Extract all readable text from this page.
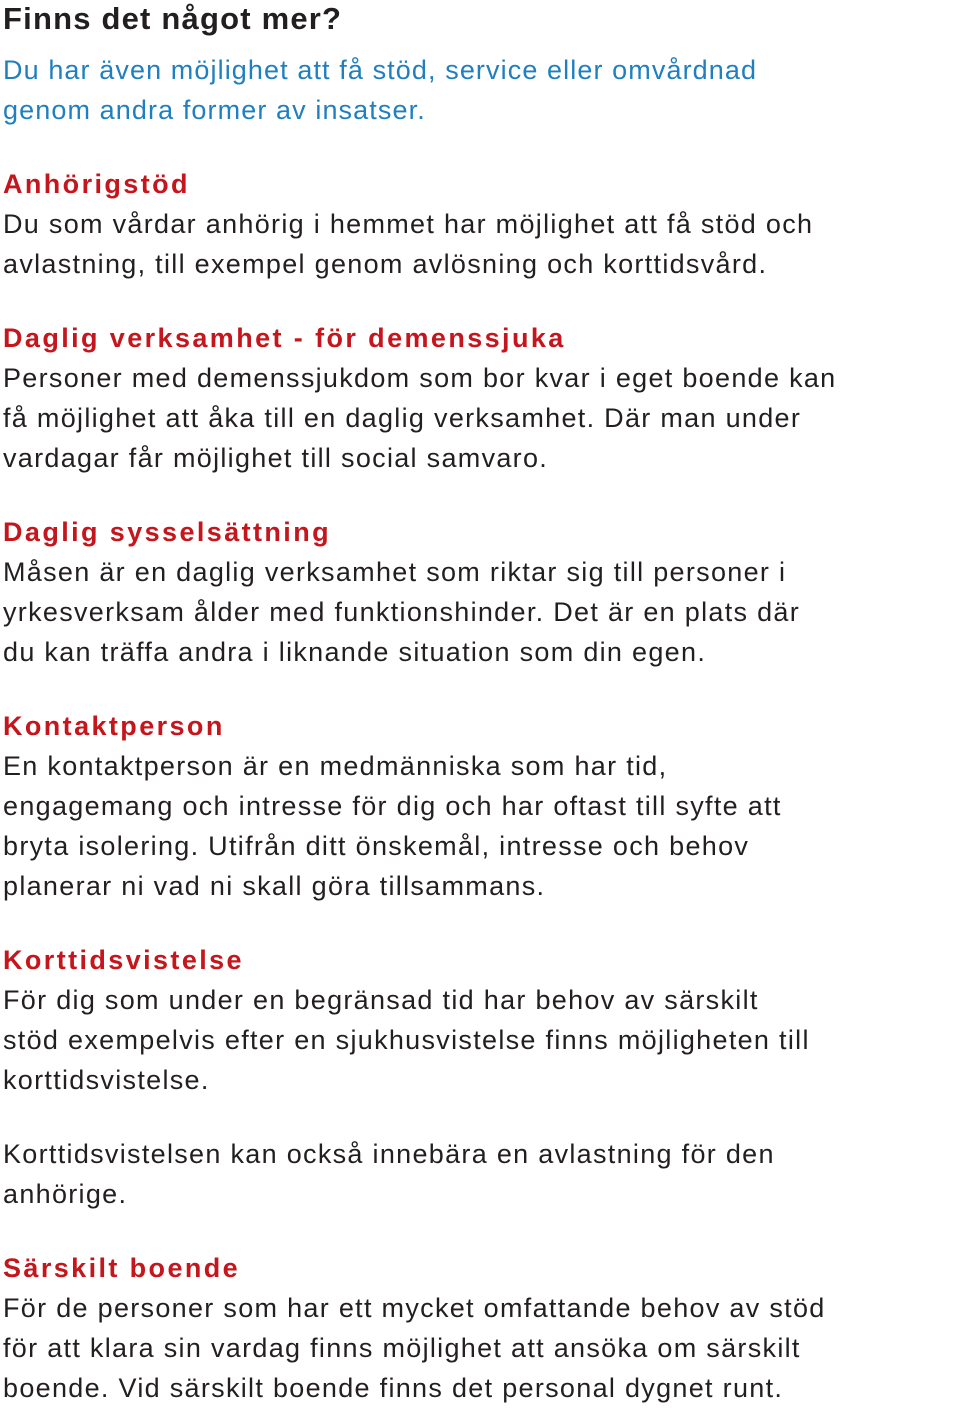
Finns det något mer?

Du har även möjlighet att få stöd, service eller omvårdnad
genom andra former av insatser.

Anhörigstöd

Du som vårdar anhörig i hemmet har möjlighet att få stöd och
avlastning, till exempel genom avlösning och korttidsvård.

Daglig verksamhet - för demenssjuka

Personer med demenssjukdom som bor kvar i eget boende kan
få möjlighet att åka till en daglig verksamhet. Där man under
vardagar får möjlighet till social samvaro.

Daglig sysselsättning

Måsen är en daglig verksamhet som riktar sig till personer i
yrkesverksam ålder med funktionshinder. Det är en plats där
du kan träffa andra i liknande situation som din egen.

Kontaktperson

En kontaktperson är en medmänniska som har tid,
engagemang och intresse för dig och har oftast till syfte att
bryta isolering. Utifrån ditt önskemål, intresse och behov
planerar ni vad ni skall göra tillsammans.

Korttidsvistelse

För dig som under en begränsad tid har behov av särskilt
stöd exempelvis efter en sjukhusvistelse finns möjligheten till
korttidsvistelse.

Korttidsvistelsen kan också innebära en avlastning för den
anhörige.

Särskilt boende

För de personer som har ett mycket omfattande behov av stöd
för att klara sin vardag finns möjlighet att ansöka om särskilt
boende. Vid särskilt boende finns det personal dygnet runt.
